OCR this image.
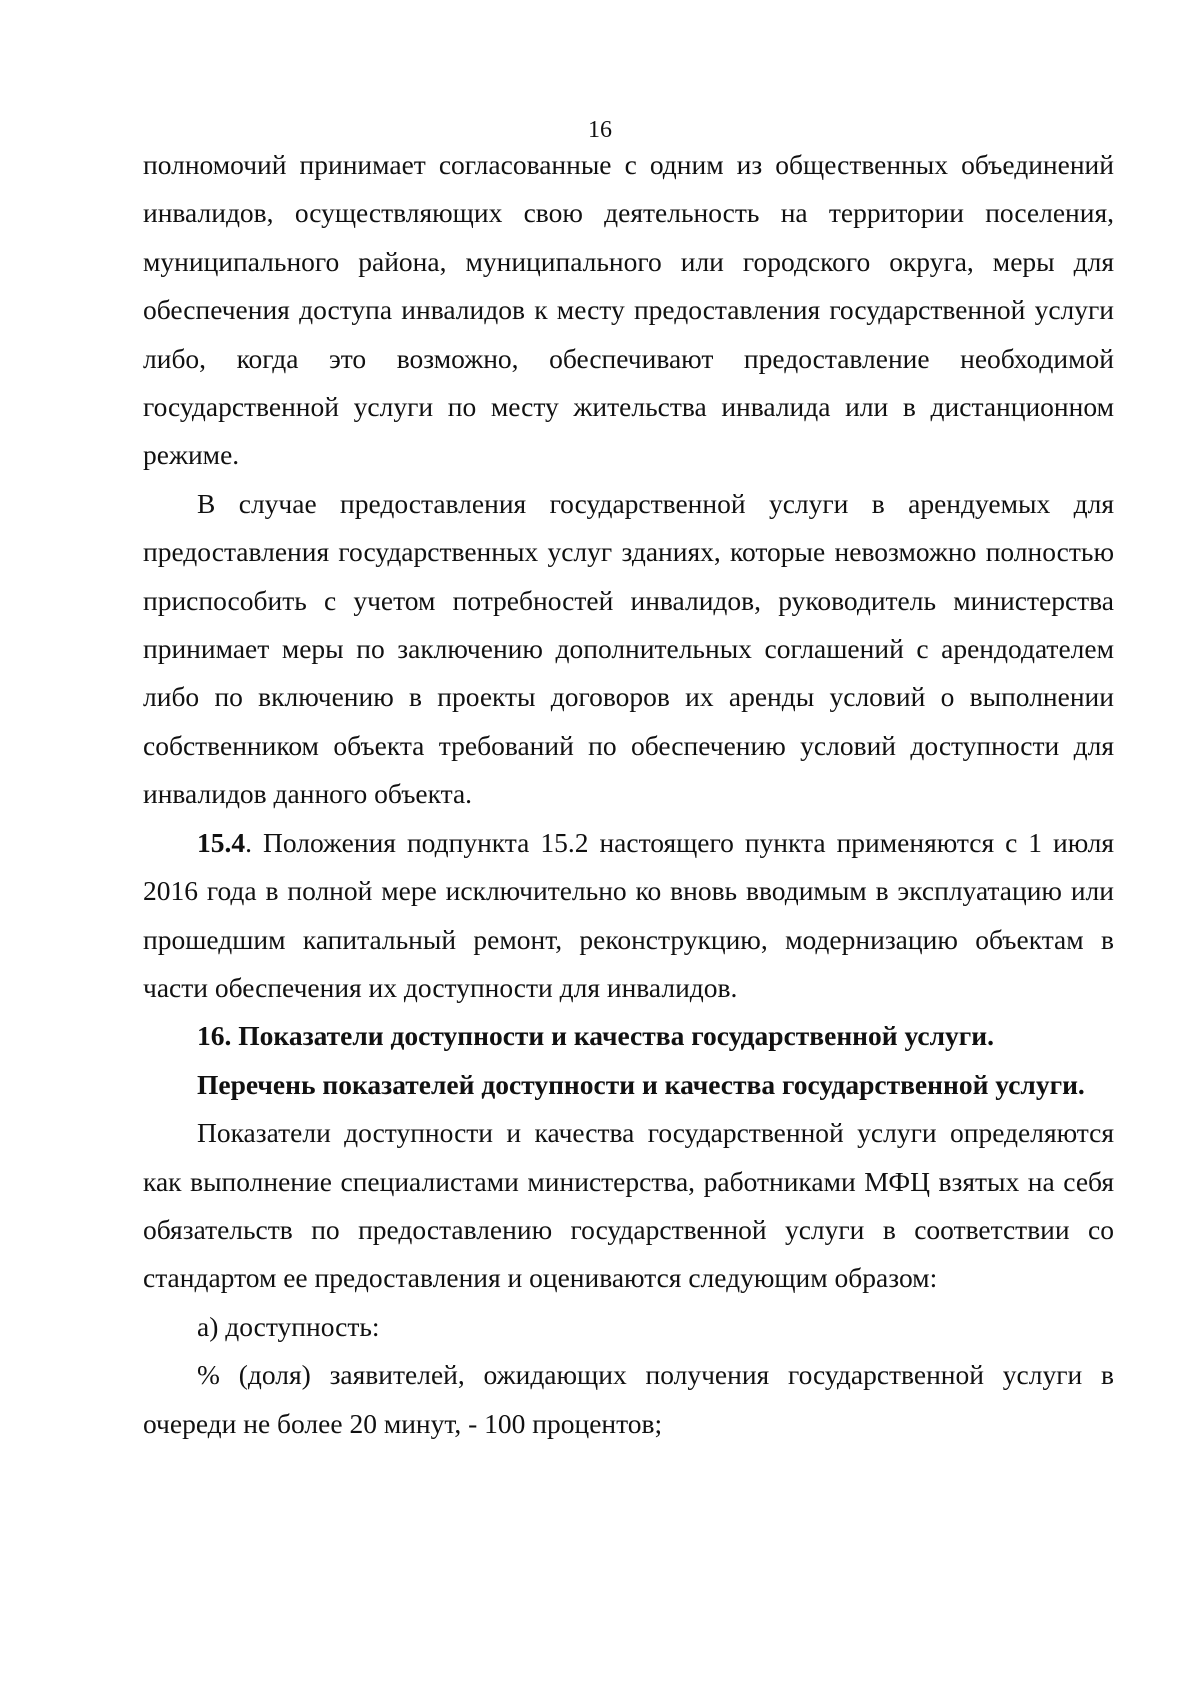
16

полномочий принимает согласованные с одним из общественных объединений инвалидов, осуществляющих свою деятельность на территории поселения, муниципального района, муниципального или городского округа, меры для обеспечения доступа инвалидов к месту предоставления государственной услуги либо, когда это возможно, обеспечивают предоставление необходимой государственной услуги по месту жительства инвалида или в дистанционном режиме.

В случае предоставления государственной услуги в арендуемых для предоставления государственных услуг зданиях, которые невозможно полностью приспособить с учетом потребностей инвалидов, руководитель министерства принимает меры по заключению дополнительных соглашений с арендодателем либо по включению в проекты договоров их аренды условий о выполнении собственником объекта требований по обеспечению условий доступности для инвалидов данного объекта.

15.4. Положения подпункта 15.2 настоящего пункта применяются с 1 июля 2016 года в полной мере исключительно ко вновь вводимым в эксплуатацию или прошедшим капитальный ремонт, реконструкцию, модернизацию объектам в части обеспечения их доступности для инвалидов.

16. Показатели доступности и качества государственной услуги.

Перечень показателей доступности и качества государственной услуги.

Показатели доступности и качества государственной услуги определяются как выполнение специалистами министерства, работниками МФЦ взятых на себя обязательств по предоставлению государственной услуги в соответствии со стандартом ее предоставления и оцениваются следующим образом:

а) доступность:

% (доля) заявителей, ожидающих получения государственной услуги в очереди не более 20 минут, - 100 процентов;
